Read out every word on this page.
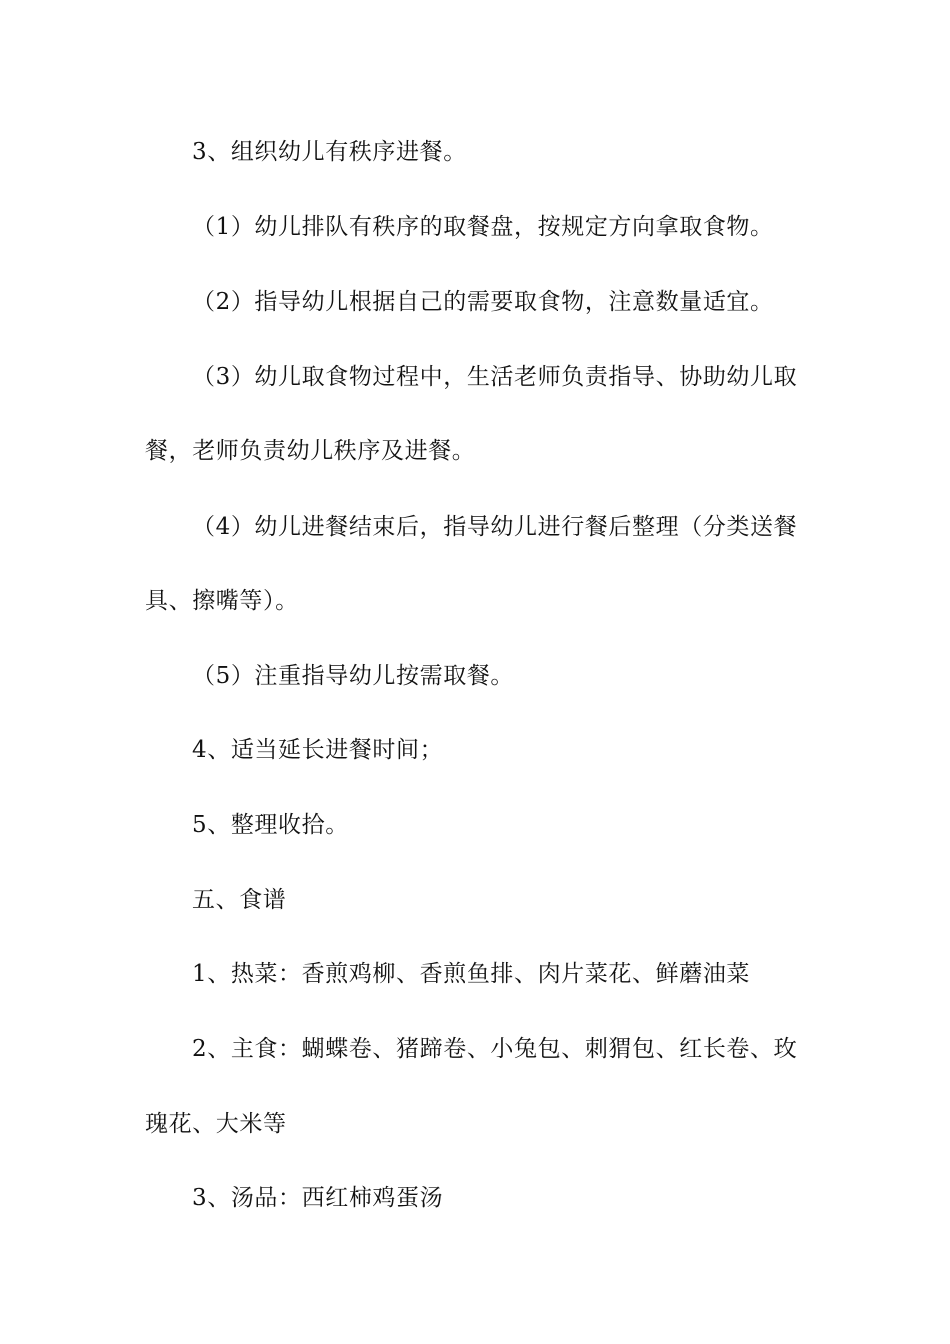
3、组织幼儿有秩序进餐。
（1）幼儿排队有秩序的取餐盘，按规定方向拿取食物。
（2）指导幼儿根据自己的需要取食物，注意数量适宜。
（3）幼儿取食物过程中，生活老师负责指导、协助幼儿取
餐，老师负责幼儿秩序及进餐。
（4）幼儿进餐结束后，指导幼儿进行餐后整理（分类送餐
具、擦嘴等）。
（5）注重指导幼儿按需取餐。
4、适当延长进餐时间；
5、整理收拾。
五、食谱
1、热菜：香煎鸡柳、香煎鱼排、肉片菜花、鲜蘑油菜
2、主食：蝴蝶卷、猪蹄卷、小兔包、刺猬包、红长卷、玫
瑰花、大米等
3、汤品：西红柿鸡蛋汤
